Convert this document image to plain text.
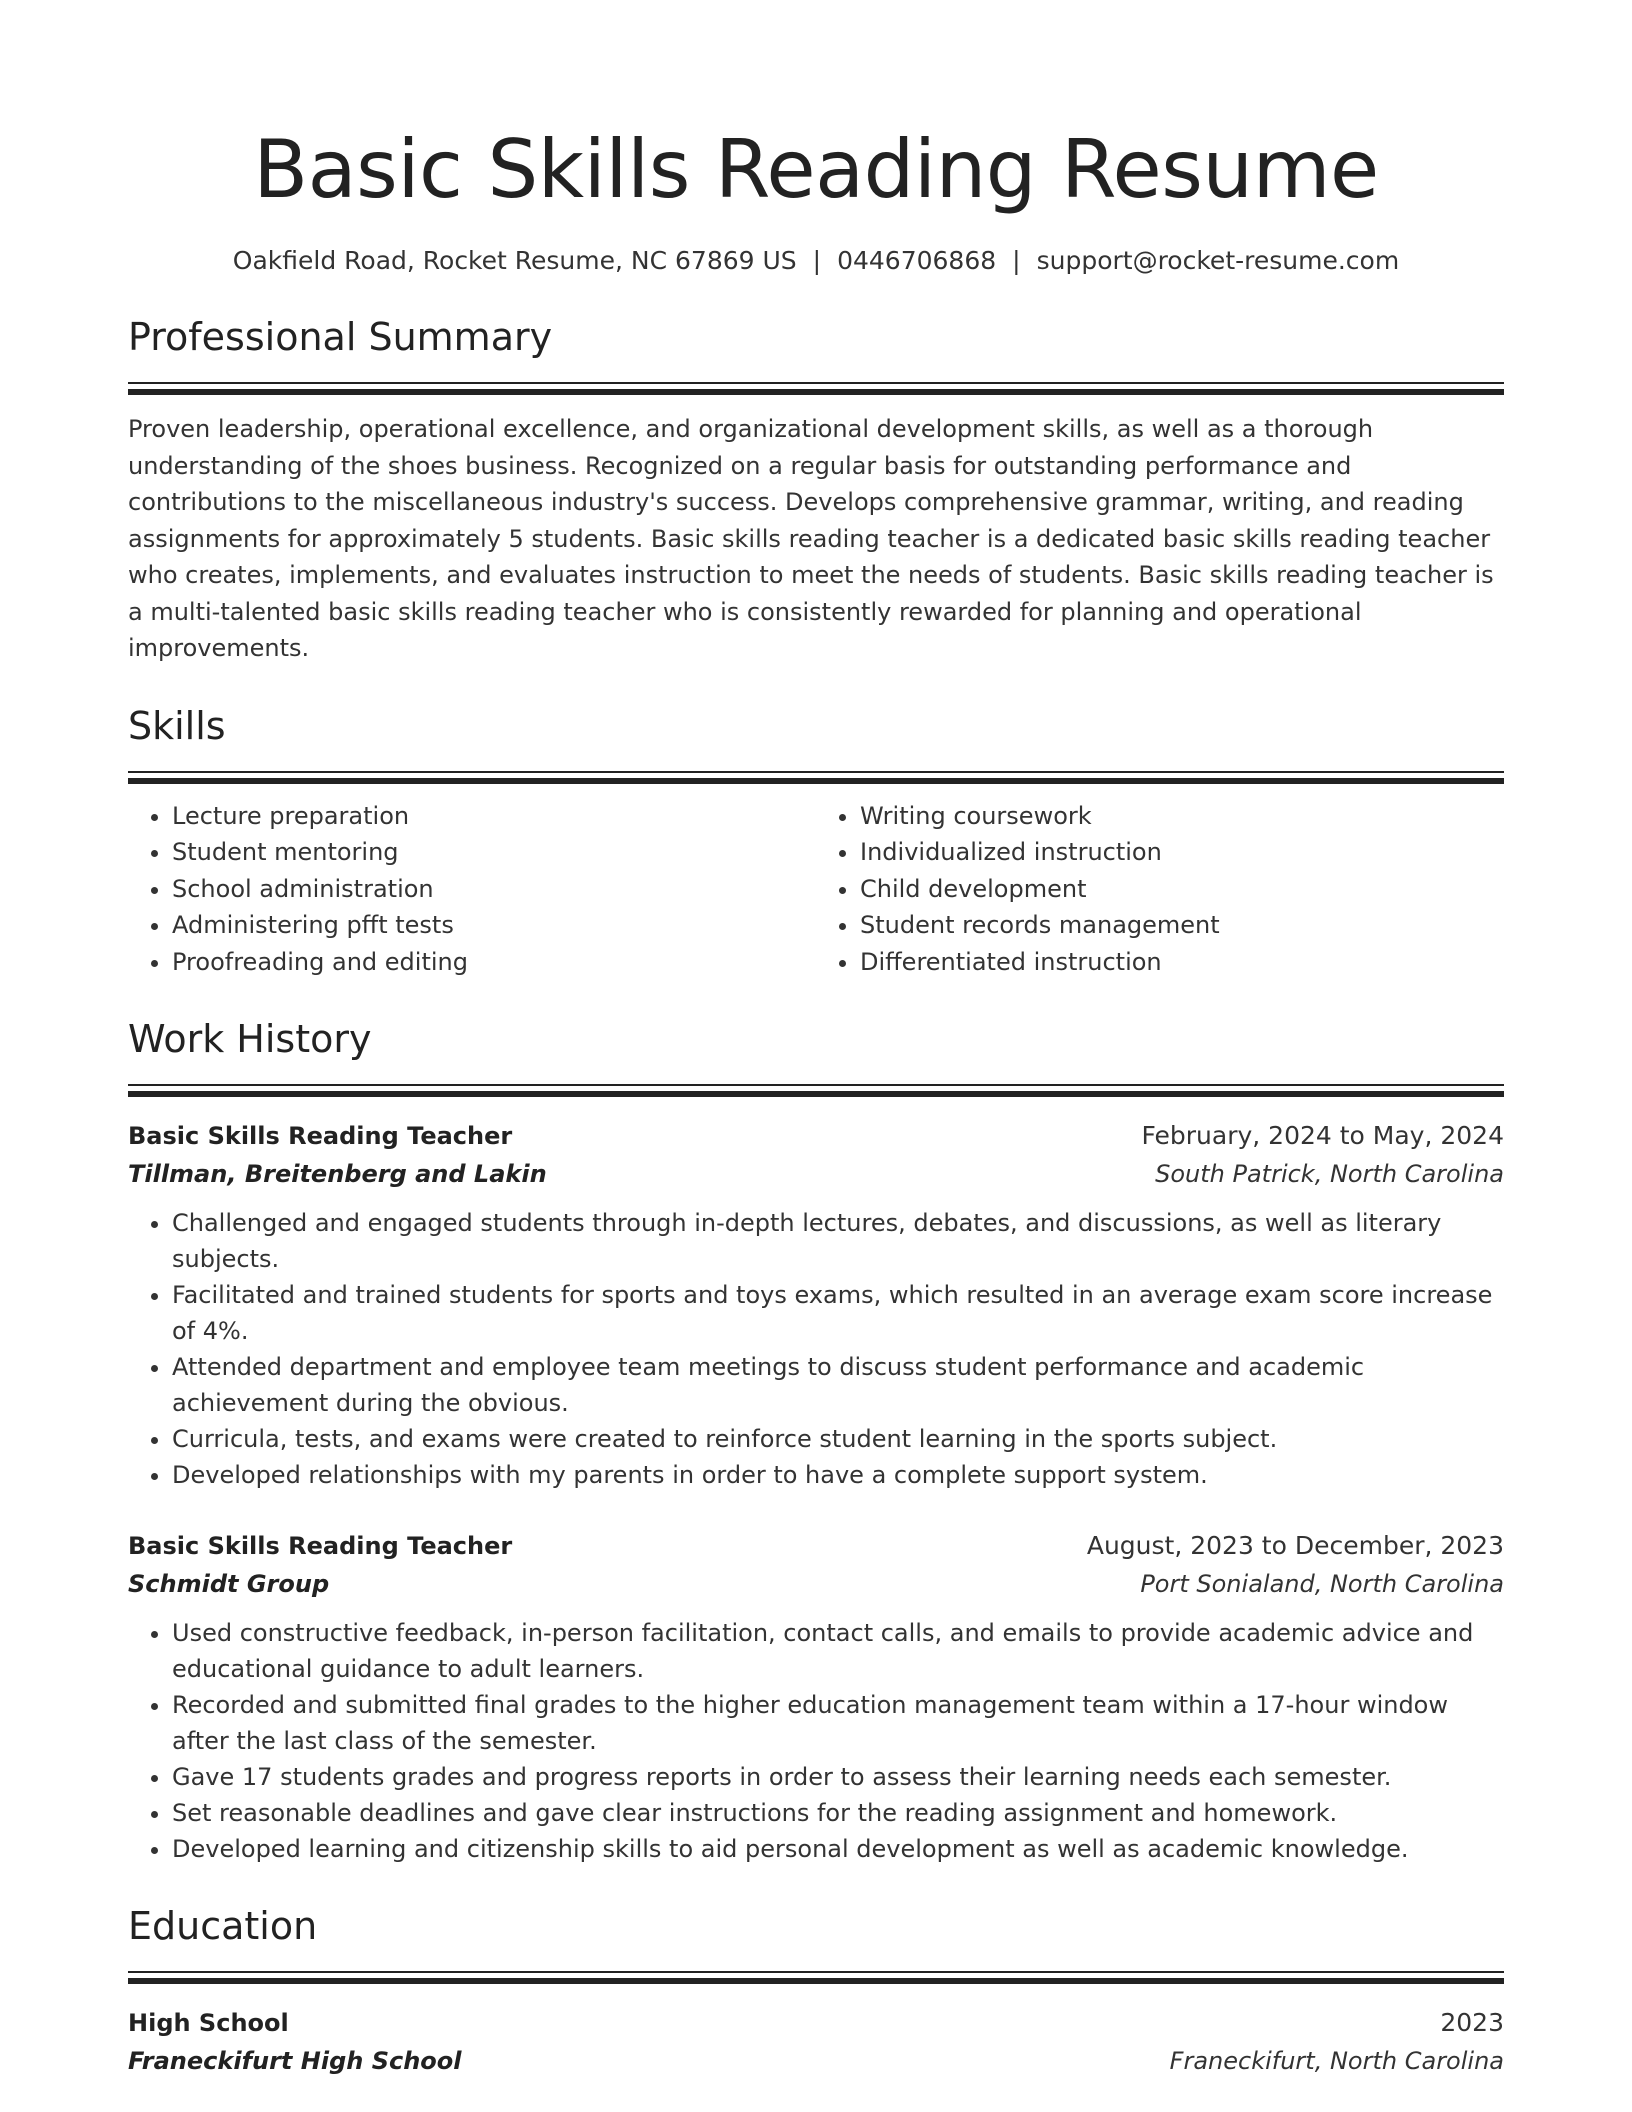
Basic Skills Reading Resume
Oakfield Road, Rocket Resume, NC 67869 US | 0446706868 | support@rocket-resume.com
Professional Summary

Proven leadership, operational excellence, and organizational development skills, as well as a thorough understanding of the shoes business. Recognized on a regular basis for outstanding performance and contributions to the miscellaneous industry's success. Develops comprehensive grammar, writing, and reading assignments for approximately 5 students. Basic skills reading teacher is a dedicated basic skills reading teacher who creates, implements, and evaluates instruction to meet the needs of students. Basic skills reading teacher is a multi-talented basic skills reading teacher who is consistently rewarded for planning and operational improvements.

Skills
• Lecture preparation
• Student mentoring
• School administration
• Administering pfft tests
• Proofreading and editing
• Writing coursework
• Individualized instruction
• Child development
• Student records management
• Differentiated instruction
Work History
Basic Skills Reading Teacher	February, 2024 to May, 2024
Tillman, Breitenberg and Lakin	South Patrick, North Carolina
• Challenged and engaged students through in-depth lectures, debates, and discussions, as well as literary subjects.
• Facilitated and trained students for sports and toys exams, which resulted in an average exam score increase of 4%.
• Attended department and employee team meetings to discuss student performance and academic achievement during the obvious.
• Curricula, tests, and exams were created to reinforce student learning in the sports subject.
• Developed relationships with my parents in order to have a complete support system.
Basic Skills Reading Teacher	August, 2023 to December, 2023
Schmidt Group	Port Sonialand, North Carolina
• Used constructive feedback, in-person facilitation, contact calls, and emails to provide academic advice and educational guidance to adult learners.
• Recorded and submitted final grades to the higher education management team within a 17-hour window after the last class of the semester.
• Gave 17 students grades and progress reports in order to assess their learning needs each semester.
• Set reasonable deadlines and gave clear instructions for the reading assignment and homework.
• Developed learning and citizenship skills to aid personal development as well as academic knowledge.
Education
High School	2023
Franeckifurt High School	Franeckifurt, North Carolina
